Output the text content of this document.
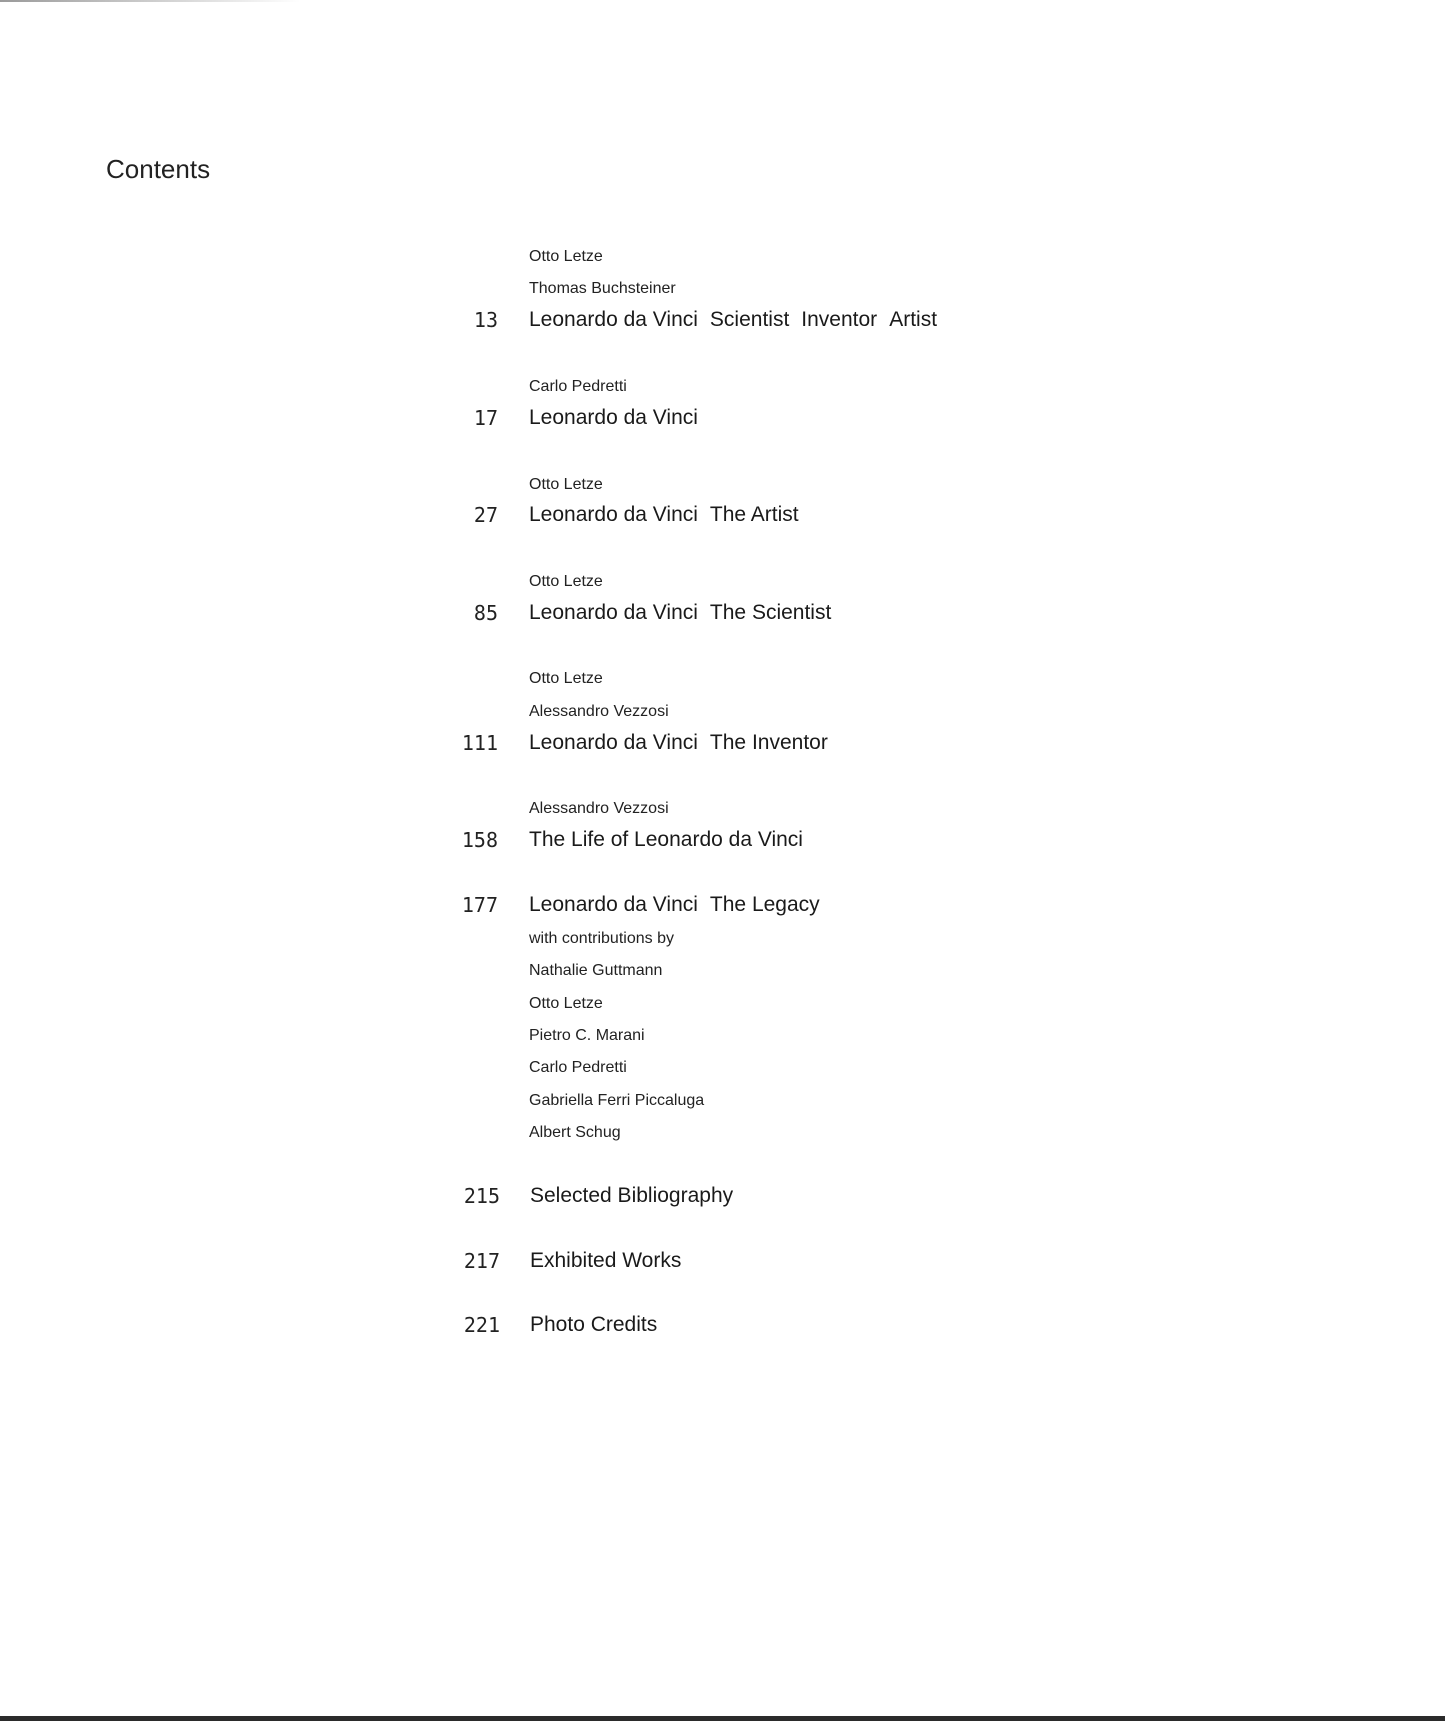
Contents
Otto Letze
Thomas Buchsteiner
13 Leonardo da Vinci Scientist Inventor Artist
Carlo Pedretti
17 Leonardo da Vinci
Otto Letze
27 Leonardo da Vinci The Artist
Otto Letze
85 Leonardo da Vinci The Scientist
Otto Letze
Alessandro Vezzosi
111 Leonardo da Vinci The Inventor
Alessandro Vezzosi
158 The Life of Leonardo da Vinci
177 Leonardo da Vinci The Legacy
with contributions by
Nathalie Guttmann
Otto Letze
Pietro C. Marani
Carlo Pedretti
Gabriella Ferri Piccaluga
Albert Schug
215 Selected Bibliography
217 Exhibited Works
221 Photo Credits
